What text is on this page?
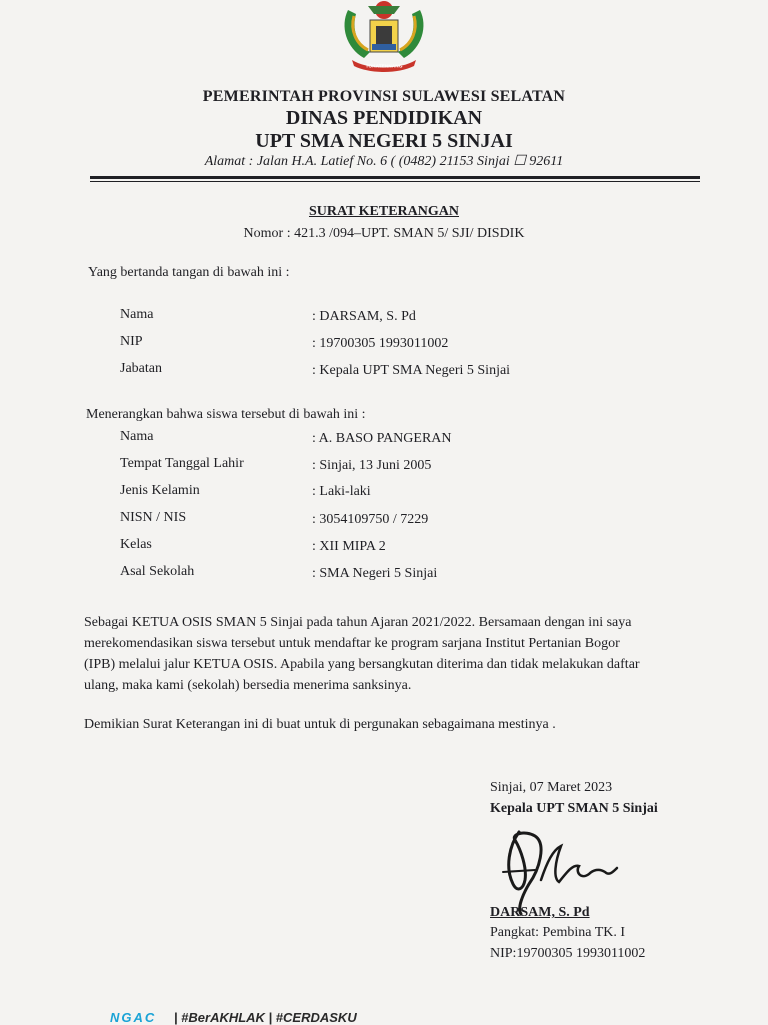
TOKATENNANG
PEMERINTAH PROVINSI SULAWESI SELATAN
DINAS PENDIDIKAN
UPT SMA NEGERI 5 SINJAI
Alamat : Jalan H.A. Latief No. 6 ( (0482) 21153 Sinjai ☐ 92611
SURAT KETERANGAN
Nomor : 421.3 /094–UPT. SMAN 5/ SJI/ DISDIK
Yang bertanda tangan di bawah ini :
Nama	: DARSAM, S. Pd
NIP	: 19700305 1993011002
Jabatan	: Kepala UPT SMA Negeri 5 Sinjai
Menerangkan bahwa siswa tersebut di bawah ini :
Nama	: A. BASO PANGERAN
Tempat Tanggal Lahir	: Sinjai, 13 Juni 2005
Jenis Kelamin	: Laki-laki
NISN / NIS	: 3054109750 / 7229
Kelas	: XII MIPA 2
Asal Sekolah	: SMA Negeri 5 Sinjai
Sebagai KETUA OSIS SMAN 5 Sinjai pada tahun Ajaran 2021/2022. Bersamaan dengan ini saya
merekomendasikan siswa tersebut untuk mendaftar ke program sarjana Institut Pertanian Bogor
(IPB) melalui jalur KETUA OSIS. Apabila yang bersangkutan diterima dan tidak melakukan daftar
ulang, maka kami (sekolah) bersedia menerima sanksinya.
Demikian Surat Keterangan ini di buat untuk di pergunakan sebagaimana mestinya .
Sinjai, 07 Maret 2023
Kepala UPT SMAN 5 Sinjai
DARSAM, S. Pd
Pangkat: Pembina TK. I
NIP:19700305 1993011002
NGAC | #BerAKHLAK | #CERDASKU
